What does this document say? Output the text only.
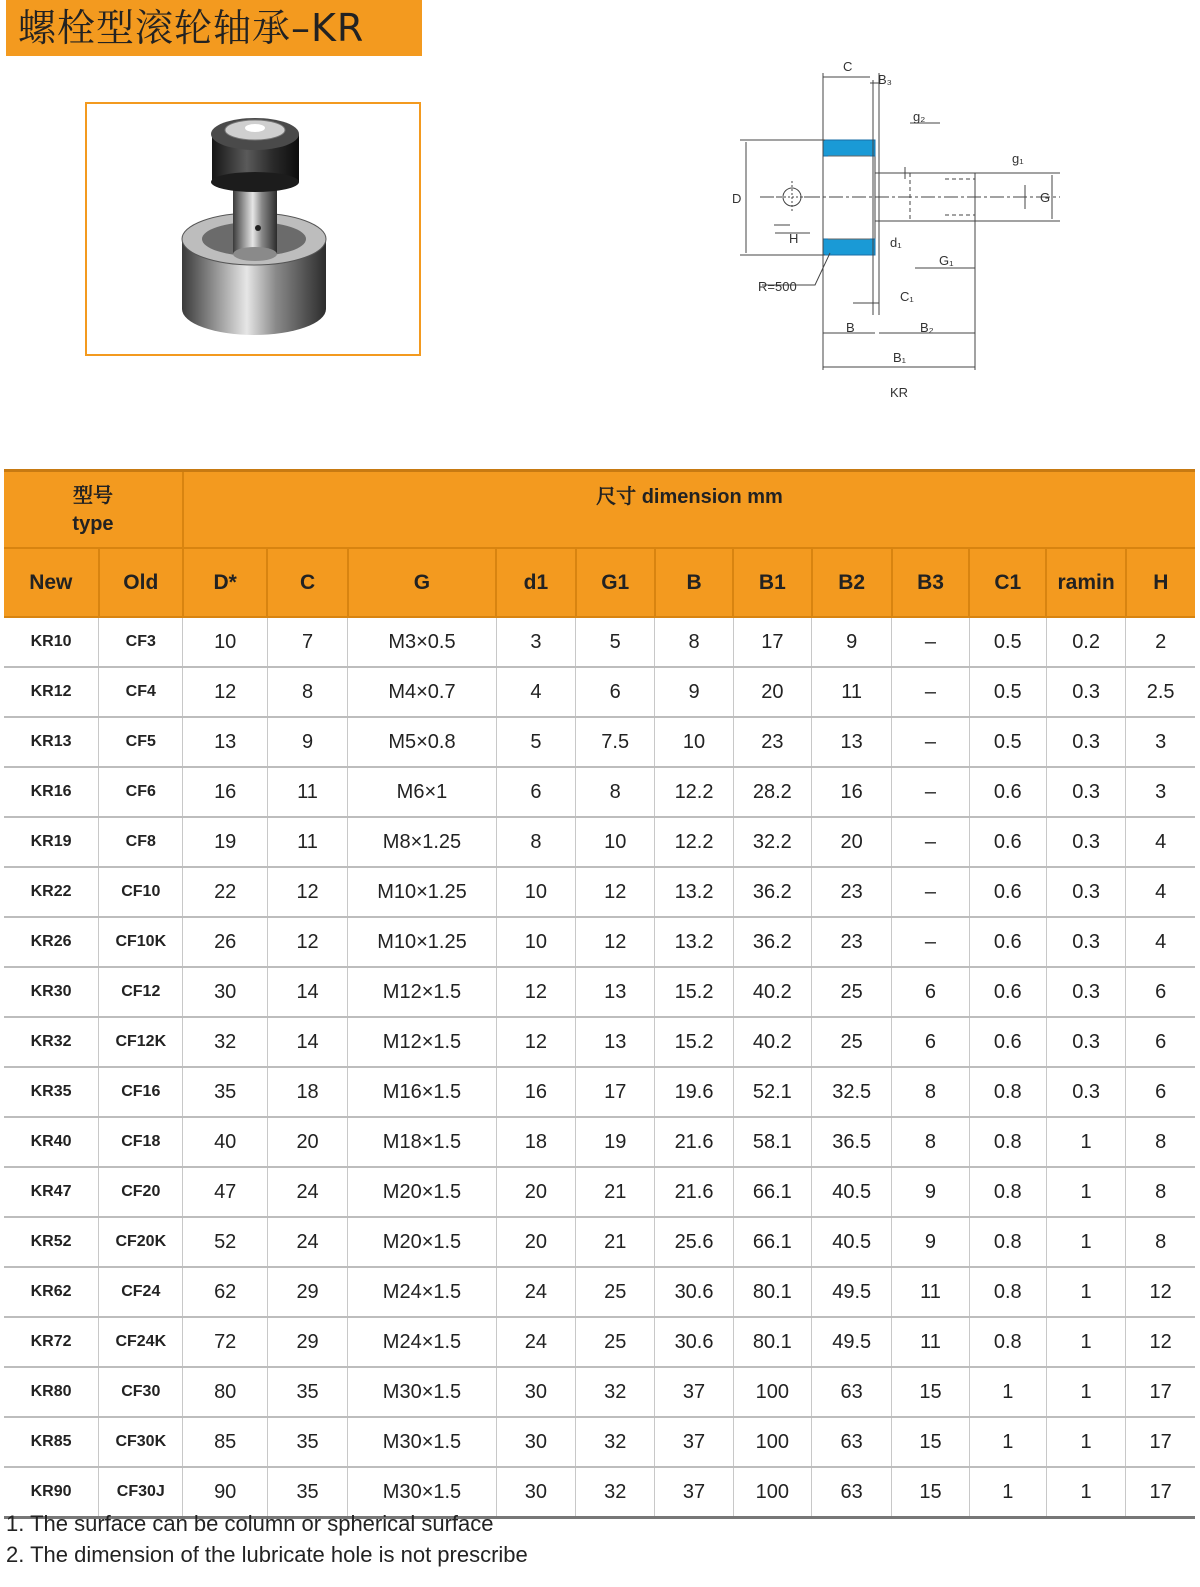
螺栓型滚轮轴承–KR
C
B₃
g₂
g₁
G
D
H	d₁
G₁
R=500
C₁
B	B₂
B₁
KR
型号
type		尺寸 dimension mm											
New	Old	D*	C	G	d1	G1	B	B1	B2	B3	C1	ramin	H
KR10	CF3	10	7	M3×0.5	3	5	8	17	9	–	0.5	0.2	2
KR12	CF4	12	8	M4×0.7	4	6	9	20	11	–	0.5	0.3	2.5
KR13	CF5	13	9	M5×0.8	5	7.5	10	23	13	–	0.5	0.3	3
KR16	CF6	16	11	M6×1	6	8	12.2	28.2	16	–	0.6	0.3	3
KR19	CF8	19	11	M8×1.25	8	10	12.2	32.2	20	–	0.6	0.3	4
KR22	CF10	22	12	M10×1.25	10	12	13.2	36.2	23	–	0.6	0.3	4
KR26	CF10K	26	12	M10×1.25	10	12	13.2	36.2	23	–	0.6	0.3	4
KR30	CF12	30	14	M12×1.5	12	13	15.2	40.2	25	6	0.6	0.3	6
KR32	CF12K	32	14	M12×1.5	12	13	15.2	40.2	25	6	0.6	0.3	6
KR35	CF16	35	18	M16×1.5	16	17	19.6	52.1	32.5	8	0.8	0.3	6
KR40	CF18	40	20	M18×1.5	18	19	21.6	58.1	36.5	8	0.8	1	8
KR47	CF20	47	24	M20×1.5	20	21	21.6	66.1	40.5	9	0.8	1	8
KR52	CF20K	52	24	M20×1.5	20	21	25.6	66.1	40.5	9	0.8	1	8
KR62	CF24	62	29	M24×1.5	24	25	30.6	80.1	49.5	11	0.8	1	12
KR72	CF24K	72	29	M24×1.5	24	25	30.6	80.1	49.5	11	0.8	1	12
KR80	CF30	80	35	M30×1.5	30	32	37	100	63	15	1	1	17
KR85	CF30K	85	35	M30×1.5	30	32	37	100	63	15	1	1	17
KR90	CF30J	90	35	M30×1.5	30	32	37	100	63	15	1	1	17
1. The surface can be column or spherical surface
2. The dimension of the lubricate hole is not prescribe
